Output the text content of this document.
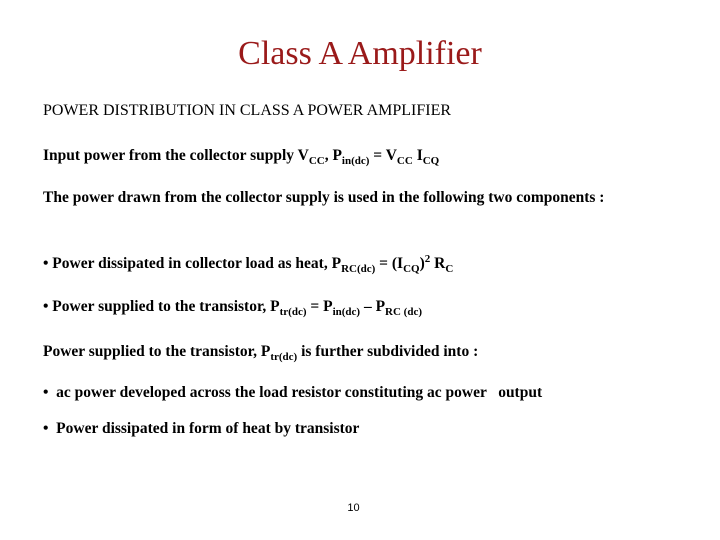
Class A Amplifier
POWER DISTRIBUTION IN CLASS A POWER AMPLIFIER
Input power from the collector supply $V_{CC}$, $P_{in(dc)} = V_{CC}$ $I_{CQ}$
The power drawn from the collector supply is used in the following two components :
• Power dissipated in collector load as heat, $P_{RC(dc)} = (I_{CQ})^2$ $R_C$
• Power supplied to the transistor, $P_{tr(dc)} = P_{in(dc)} - P_{RC (dc)}$
Power supplied to the transistor, $P_{tr(dc)}$ is further subdivided into :
•  ac power developed across the load resistor constituting ac power   output
•  Power dissipated in form of heat by transistor
10
